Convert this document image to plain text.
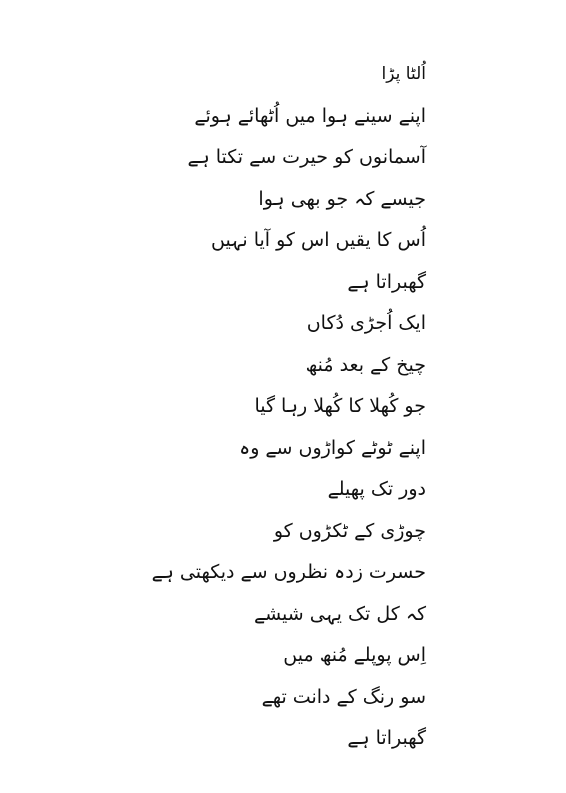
اُلٹا پڑا
اپنے سینے ہوا میں اُٹھائے ہوئے
آسمانوں کو حیرت سے تکتا ہے
جیسے کہ جو بھی ہوا
اُس کا یقیں اس کو آیا نہیں
گھبراتا ہے
ایک اُجڑی دُکاں
چیخ کے بعد مُنھ
جو کُھلا کا کُھلا رہا گیا
اپنے ٹوٹے کواڑوں سے وہ
دور تک پھیلے
چوڑی کے ٹکڑوں کو
حسرت زدہ نظروں سے دیکھتی ہے
کہ کل تک یہی شیشے
اِس پوپلے مُنھ میں
سو رنگ کے دانت تھے
گھبراتا ہے
